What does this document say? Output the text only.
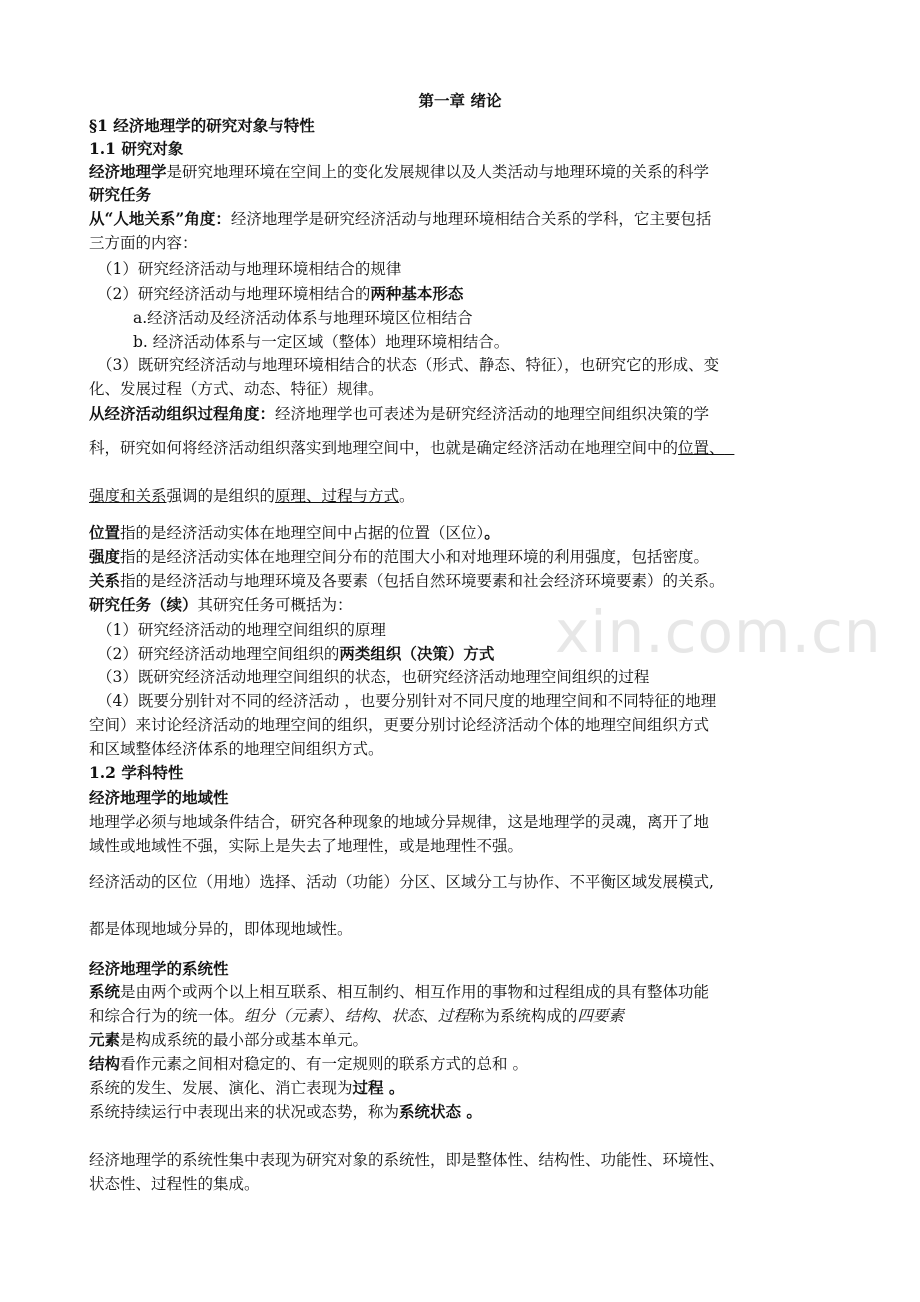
xin.com.cn
第一章 绪论
§1 经济地理学的研究对象与特性
1.1 研究对象
经济地理学是研究地理环境在空间上的变化发展规律以及人类活动与地理环境的关系的科学
研究任务
从“人地关系”角度：经济地理学是研究经济活动与地理环境相结合关系的学科，它主要包括
三方面的内容：
（1）研究经济活动与地理环境相结合的规律
（2）研究经济活动与地理环境相结合的两种基本形态
a.经济活动及经济活动体系与地理环境区位相结合
b. 经济活动体系与一定区域（整体）地理环境相结合。
（3）既研究经济活动与地理环境相结合的状态（形式、静态、特征），也研究它的形成、变
化、发展过程（方式、动态、特征）规律。
从经济活动组织过程角度：经济地理学也可表述为是研究经济活动的地理空间组织决策的学
科，研究如何将经济活动组织落实到地理空间中，也就是确定经济活动在地理空间中的位置、
强度和关系强调的是组织的原理、过程与方式。
位置指的是经济活动实体在地理空间中占据的位置（区位）。
强度指的是经济活动实体在地理空间分布的范围大小和对地理环境的利用强度，包括密度。
关系指的是经济活动与地理环境及各要素（包括自然环境要素和社会经济环境要素）的关系。
研究任务（续）其研究任务可概括为：
（1）研究经济活动的地理空间组织的原理
（2）研究经济活动地理空间组织的两类组织（决策）方式
（3）既研究经济活动地理空间组织的状态，也研究经济活动地理空间组织的过程
（4）既要分别针对不同的经济活动 ，也要分别针对不同尺度的地理空间和不同特征的地理
空间）来讨论经济活动的地理空间的组织，更要分别讨论经济活动个体的地理空间组织方式
和区域整体经济体系的地理空间组织方式。
1.2 学科特性
经济地理学的地域性
地理学必须与地域条件结合，研究各种现象的地域分异规律，这是地理学的灵魂，离开了地
域性或地域性不强，实际上是失去了地理性，或是地理性不强。
经济活动的区位（用地）选择、活动（功能）分区、区域分工与协作、不平衡区域发展模式,
都是体现地域分异的，即体现地域性。
经济地理学的系统性
系统是由两个或两个以上相互联系、相互制约、相互作用的事物和过程组成的具有整体功能
和综合行为的统一体。组分（元素）、结构、状态、过程称为系统构成的四要素
元素是构成系统的最小部分或基本单元。
结构看作元素之间相对稳定的、有一定规则的联系方式的总和 。
系统的发生、发展、演化、消亡表现为过程 。
系统持续运行中表现出来的状况或态势，称为系统状态 。
经济地理学的系统性集中表现为研究对象的系统性，即是整体性、结构性、功能性、环境性、
状态性、过程性的集成。
